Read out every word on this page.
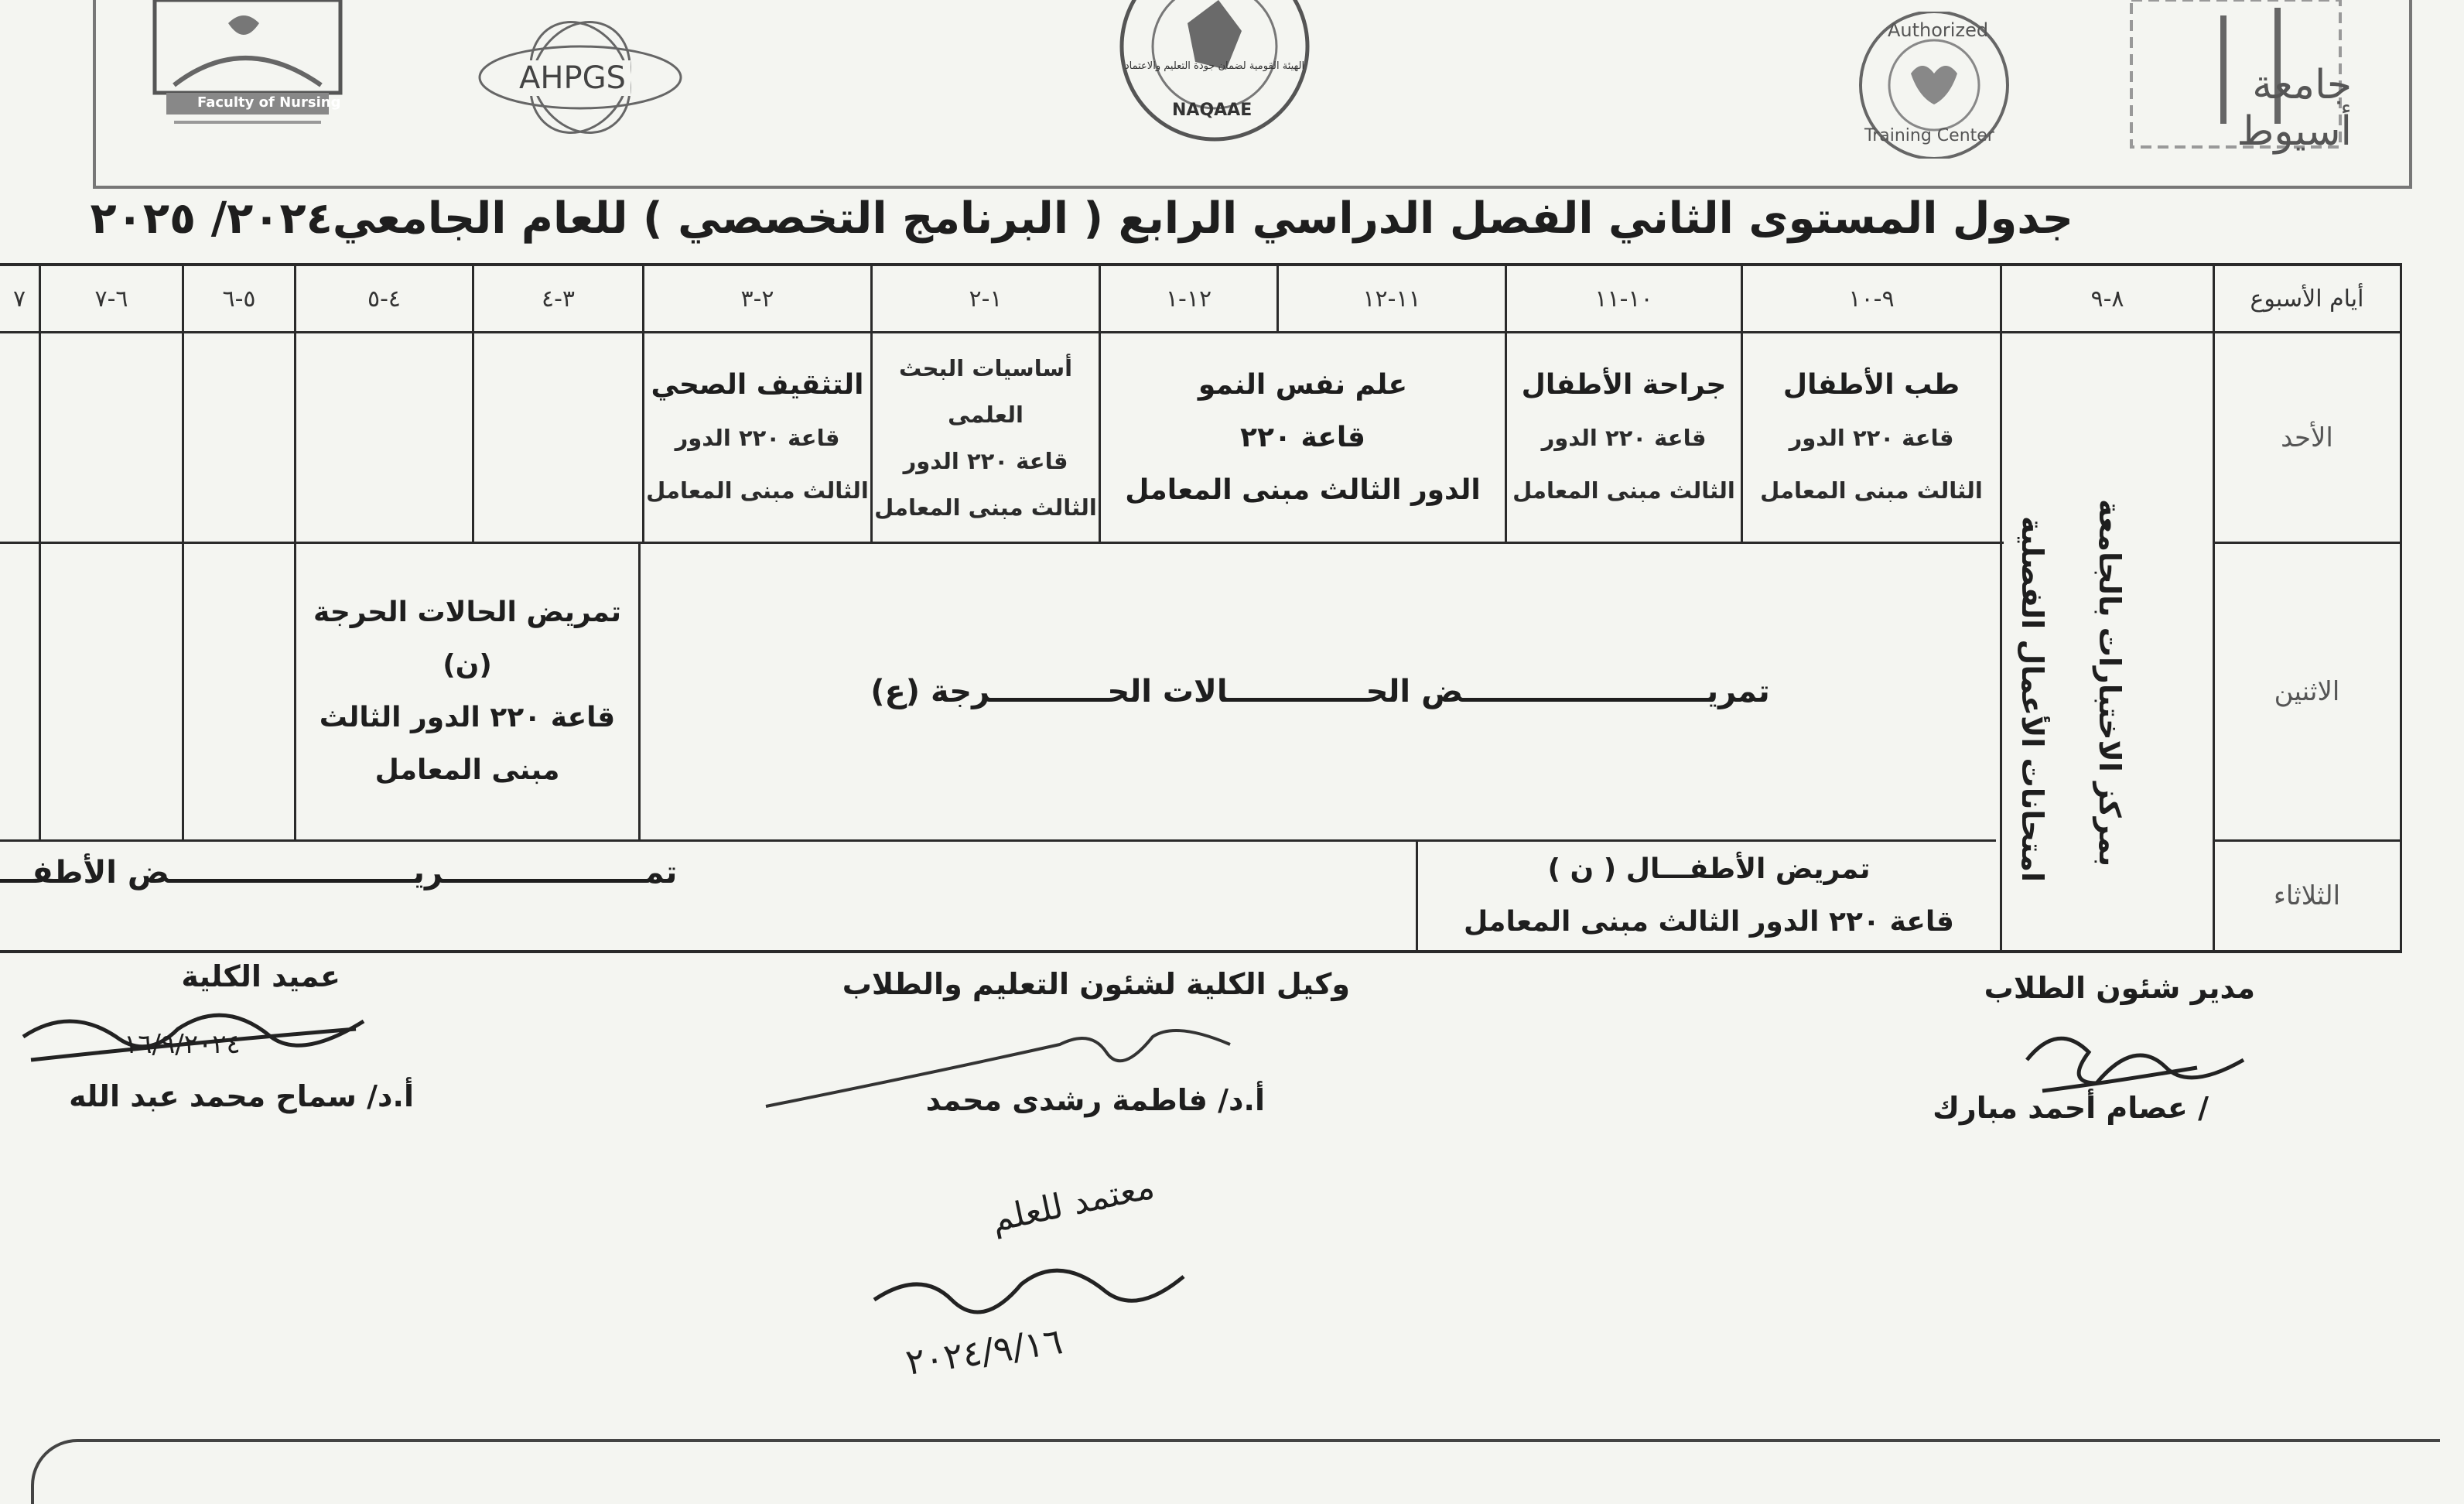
Faculty of Nursing
AHPGS	الهيئة القومية لضمان جودة التعليم والاعتماد
NAQAAE
Authorized
Training Center
جامعة أسيوط
جدول المستوى الثاني الفصل الدراسي الرابع ( البرنامج التخصصي ) للعام الجامعي٢٠٢٤/ ٢٠٢٥
أيام الأسبوع
٨-٩
٩-١٠
١٠-١١
١١-١٢
١٢-١
١-٢
٢-٣
٣-٤
٤-٥
٥-٦
٦-٧
٧
الأحد
الاثنين
الثلاثاء
امتحانات الأعمال الفصلية بمركز الاختبارات بالجامعة
طب الأطفال
قاعة ٢٢٠ الدور
الثالث مبنى المعامل
جراحة الأطفال
قاعة ٢٢٠ الدور
الثالث مبنى المعامل
علم نفس النمو
قاعة ٢٢٠
الدور الثالث مبنى المعامل
أساسيات البحث
العلمى
قاعة ٢٢٠ الدور
الثالث مبنى المعامل
التثقيف الصحي
قاعة ٢٢٠ الدور
الثالث مبنى المعامل
تمريـــــــــــــــــــــــض الحـــــــــــــالات الحـــــــــــرجة (ع)
تمريض الحالات الحرجة
(ن)
قاعة ٢٢٠ الدور الثالث
مبنى المعامل
تمريض الأطفـــال ( ن )
قاعة ٢٢٠ الدور الثالث مبنى المعامل
تمـــــــــــــــــــريـــــــــــــــــــــــض الأطفـــ
مدير شئون الطلاب
/ عصام أحمد مبارك
وكيل الكلية لشئون التعليم والطلاب
أ.د/ فاطمة رشدى محمد
عميد الكلية
أ.د/ سماح محمد عبد الله
١٦/٩/٢٠٢٤
معتمد للعلم
٢٠٢٤/٩/١٦
